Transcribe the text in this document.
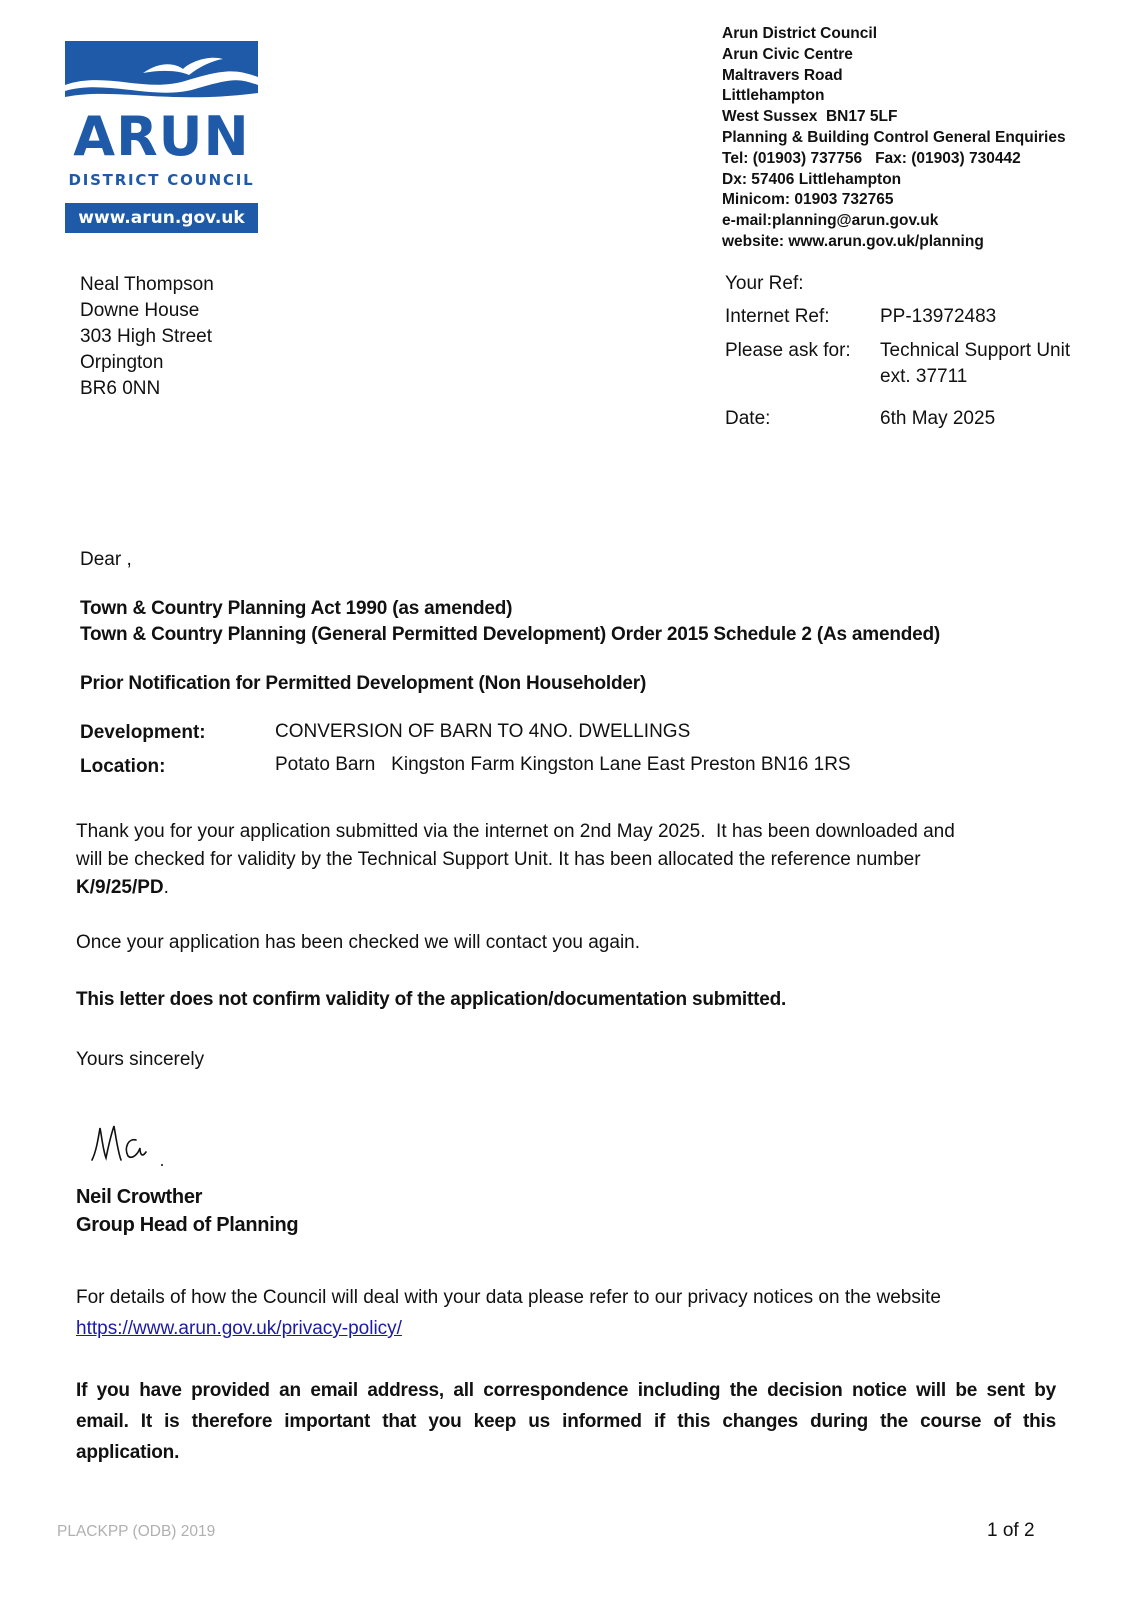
ARUN
DISTRICT COUNCIL
www.arun.gov.uk
Arun District Council
Arun Civic Centre
Maltravers Road
Littlehampton
West Sussex  BN17 5LF
Planning & Building Control General Enquiries
Tel: (01903) 737756   Fax: (01903) 730442
Dx: 57406 Littlehampton
Minicom: 01903 732765
e-mail:planning@arun.gov.uk
website: www.arun.gov.uk/planning
Neal Thompson
Downe House
303 High Street
Orpington
BR6 0NN
Your Ref:
Internet Ref:	PP-13972483
Please ask for: Technical Support Unit
ext. 37711
Date:	6th May 2025
Dear ,
Town & Country Planning Act 1990 (as amended)
Town & Country Planning (General Permitted Development) Order 2015 Schedule 2 (As amended)
Prior Notification for Permitted Development (Non Householder)
Development:	CONVERSION OF BARN TO 4NO. DWELLINGS
Location:	Potato Barn   Kingston Farm Kingston Lane East Preston BN16 1RS
Thank you for your application submitted via the internet on 2nd May 2025.  It has been downloaded and
will be checked for validity by the Technical Support Unit. It has been allocated the reference number
K/9/25/PD.
Once your application has been checked we will contact you again.
This letter does not confirm validity of the application/documentation submitted.
Yours sincerely
Neil Crowther
Group Head of Planning
For details of how the Council will deal with your data please refer to our privacy notices on the website
https://www.arun.gov.uk/privacy-policy/
If you have provided an email address, all correspondence including the decision notice will be sent by
email. It is therefore important that you keep us informed if this changes during the course of this
application.
PLACKPP (ODB) 2019	1 of 2
